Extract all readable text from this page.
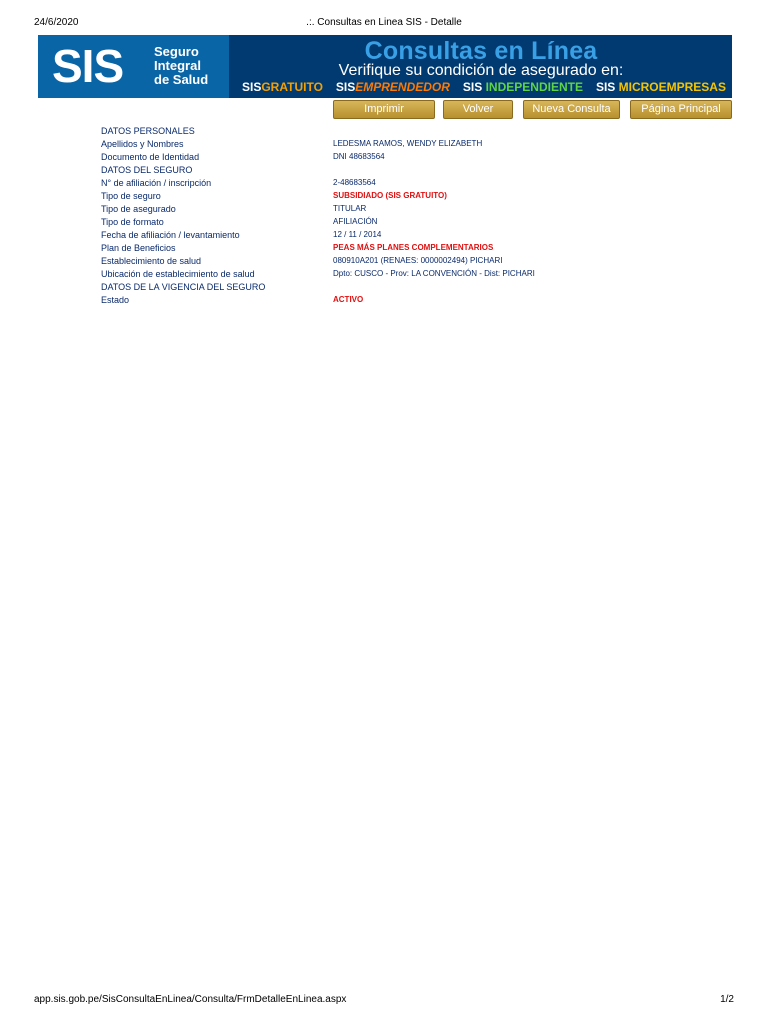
24/6/2020	.:. Consultas en Linea SIS - Detalle
SIS Seguro
Integral
de Salud
Consultas en Línea
Verifique su condición de asegurado en:
SISGRATUITO SISEMPRENDEDOR SIS INDEPENDIENTE SIS MICROEMPRESAS
Imprimir	Volver	Nueva Consulta	Página Principal
DATOS PERSONALES
Apellidos y Nombres	LEDESMA RAMOS, WENDY ELIZABETH
Documento de Identidad	DNI 48683564
DATOS DEL SEGURO
N° de afiliación / inscripción	2-48683564
Tipo de seguro	SUBSIDIADO (SIS GRATUITO)
Tipo de asegurado	TITULAR
Tipo de formato	AFILIACIÓN
Fecha de afiliación / levantamiento	12 / 11 / 2014
Plan de Beneficios	PEAS MÁS PLANES COMPLEMENTARIOS
Establecimiento de salud	080910A201 (RENAES: 0000002494) PICHARI
Ubicación de establecimiento de salud	Dpto: CUSCO - Prov: LA CONVENCIÓN - Dist: PICHARI
DATOS DE LA VIGENCIA DEL SEGURO
Estado	ACTIVO
app.sis.gob.pe/SisConsultaEnLinea/Consulta/FrmDetalleEnLinea.aspx	1/2
